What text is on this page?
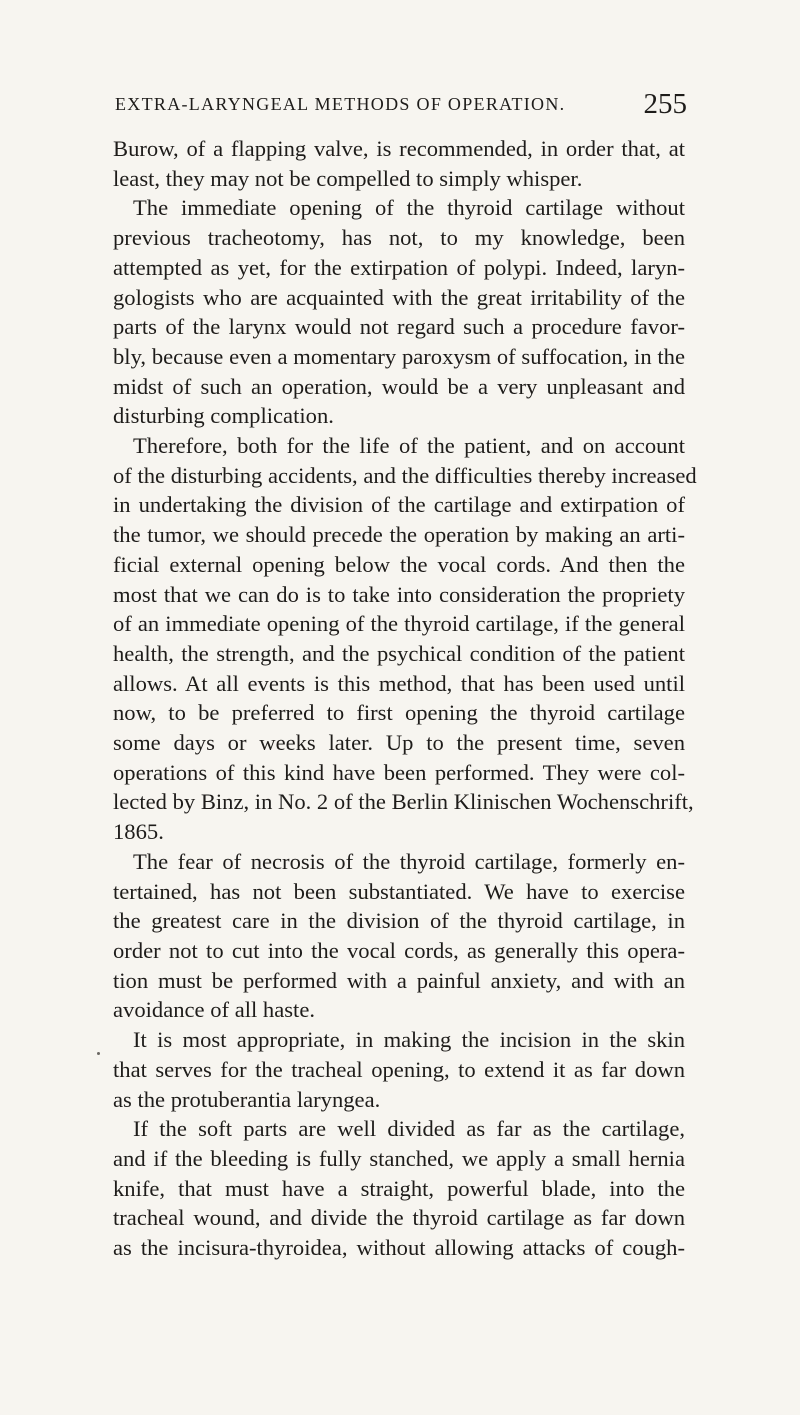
EXTRA-LARYNGEAL METHODS OF OPERATION.	255
Burow, of a flapping valve, is recommended, in order that, at
least, they may not be compelled to simply whisper.
The immediate opening of the thyroid cartilage without
previous tracheotomy, has not, to my knowledge, been
attempted as yet, for the extirpation of polypi. Indeed, laryn-
gologists who are acquainted with the great irritability of the
parts of the larynx would not regard such a procedure favor-
bly, because even a momentary paroxysm of suffocation, in the
midst of such an operation, would be a very unpleasant and
disturbing complication.
Therefore, both for the life of the patient, and on account
of the disturbing accidents, and the difficulties thereby increased
in undertaking the division of the cartilage and extirpation of
the tumor, we should precede the operation by making an arti-
ficial external opening below the vocal cords. And then the
most that we can do is to take into consideration the propriety
of an immediate opening of the thyroid cartilage, if the general
health, the strength, and the psychical condition of the patient
allows. At all events is this method, that has been used until
now, to be preferred to first opening the thyroid cartilage
some days or weeks later. Up to the present time, seven
operations of this kind have been performed. They were col-
lected by Binz, in No. 2 of the Berlin Klinischen Wochenschrift,
1865.
The fear of necrosis of the thyroid cartilage, formerly en-
tertained, has not been substantiated. We have to exercise
the greatest care in the division of the thyroid cartilage, in
order not to cut into the vocal cords, as generally this opera-
tion must be performed with a painful anxiety, and with an
avoidance of all haste.
It is most appropriate, in making the incision in the skin
that serves for the tracheal opening, to extend it as far down
as the protuberantia laryngea.
If the soft parts are well divided as far as the cartilage,
and if the bleeding is fully stanched, we apply a small hernia
knife, that must have a straight, powerful blade, into the
tracheal wound, and divide the thyroid cartilage as far down
as the incisura-thyroidea, without allowing attacks of cough-
